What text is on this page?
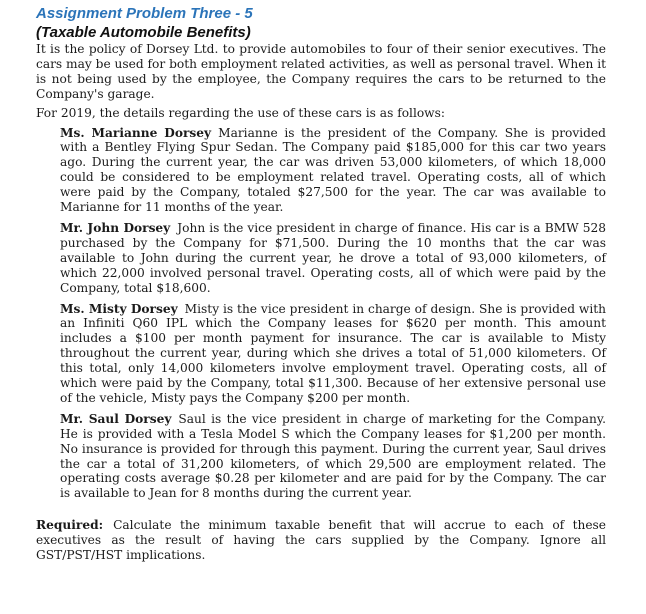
Assignment Problem Three - 5
(Taxable Automobile Benefits)

It is the policy of Dorsey Ltd. to provide automobiles to four of their senior executives. The cars may be used for both employment related activities, as well as personal travel. When it is not being used by the employee, the Company requires the cars to be returned to the Company's garage.

For 2019, the details regarding the use of these cars is as follows:

Ms. Marianne Dorsey Marianne is the president of the Company. She is provided with a Bentley Flying Spur Sedan. The Company paid $185,000 for this car two years ago. During the current year, the car was driven 53,000 kilometers, of which 18,000 could be considered to be employment related travel. Operating costs, all of which were paid by the Company, totaled $27,500 for the year. The car was available to Marianne for 11 months of the year.

Mr. John Dorsey John is the vice president in charge of finance. His car is a BMW 528 purchased by the Company for $71,500. During the 10 months that the car was available to John during the current year, he drove a total of 93,000 kilometers, of which 22,000 involved personal travel. Operating costs, all of which were paid by the Company, total $18,600.

Ms. Misty Dorsey Misty is the vice president in charge of design. She is provided with an Infiniti Q60 IPL which the Company leases for $620 per month. This amount includes a $100 per month payment for insurance. The car is available to Misty throughout the current year, during which she drives a total of 51,000 kilometers. Of this total, only 14,000 kilometers involve employment travel. Operating costs, all of which were paid by the Company, total $11,300. Because of her extensive personal use of the vehicle, Misty pays the Company $200 per month.

Mr. Saul Dorsey Saul is the vice president in charge of marketing for the Company. He is provided with a Tesla Model S which the Company leases for $1,200 per month. No insurance is provided for through this payment. During the current year, Saul drives the car a total of 31,200 kilometers, of which 29,500 are employment related. The operating costs average $0.28 per kilometer and are paid for by the Company. The car is available to Jean for 8 months during the current year.

Required: Calculate the minimum taxable benefit that will accrue to each of these executives as the result of having the cars supplied by the Company. Ignore all GST/PST/HST implications.
